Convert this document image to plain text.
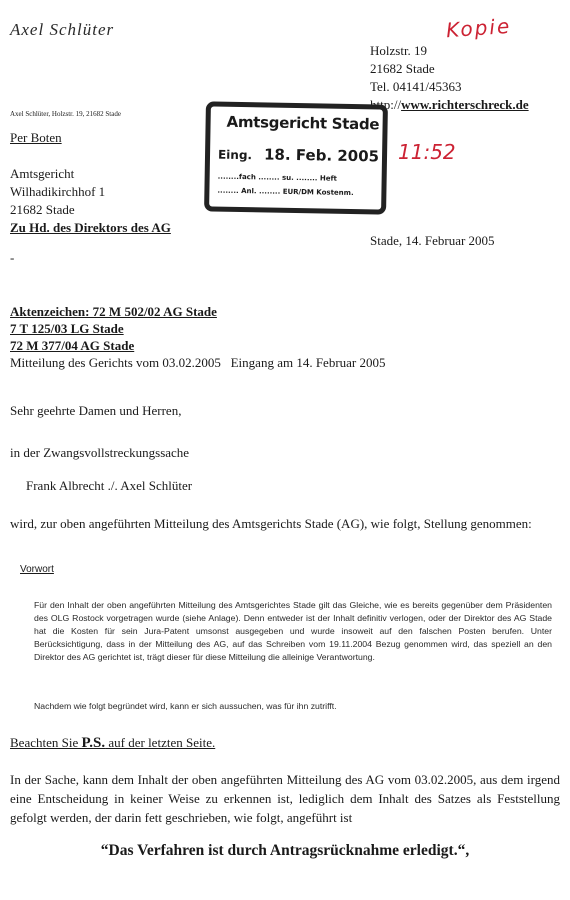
Axel Schlüter	Kopie
Holzstr. 19
21682 Stade
Tel. 04141/45363
http://www.richterschreck.de
Axel Schlüter, Holzstr. 19, 21682 Stade
Per Boten
Amtsgericht
Wilhadikirchhof 1
21682 Stade
Zu Hd. des Direktors des AG
Amtsgericht Stade
Eing. 18. Feb. 2005
........fach ........ su. ........ Heft
........ Anl. ........ EUR/DM Kostenm.
11:52
Stade, 14. Februar 2005
-
Aktenzeichen: 72 M 502/02 AG Stade
7 T 125/03 LG Stade
72 M 377/04 AG Stade
Mitteilung des Gerichts vom 03.02.2005   Eingang am 14. Februar 2005
Sehr geehrte Damen und Herren,
in der Zwangsvollstreckungssache
Frank Albrecht ./. Axel Schlüter
wird, zur oben angeführten Mitteilung des Amtsgerichts Stade (AG), wie folgt, Stellung genommen:
Vorwort
Für den Inhalt der oben angeführten Mitteilung des Amtsgerichtes Stade gilt das Gleiche, wie es bereits gegenüber dem Präsidenten des OLG Rostock vorgetragen wurde (siehe Anlage). Denn entweder ist der Inhalt definitiv verlogen, oder der Direktor des AG Stade hat die Kosten für sein Jura-Patent umsonst ausgegeben und wurde insoweit auf den falschen Posten berufen. Unter Berücksichtigung, dass in der Mitteilung des AG, auf das Schreiben vom 19.11.2004 Bezug genommen wird, das speziell an den Direktor des AG gerichtet ist, trägt dieser für diese Mitteilung die alleinige Verantwortung.
Nachdem wie folgt begründet wird, kann er sich aussuchen, was für ihn zutrifft.
Beachten Sie P.S. auf der letzten Seite.
In der Sache, kann dem Inhalt der oben angeführten Mitteilung des AG vom 03.02.2005, aus dem irgend eine Entscheidung in keiner Weise zu erkennen ist, lediglich dem Inhalt des Satzes als Feststellung gefolgt werden, der darin fett geschrieben, wie folgt, angeführt ist
“Das Verfahren ist durch Antragsrücknahme erledigt.“,
